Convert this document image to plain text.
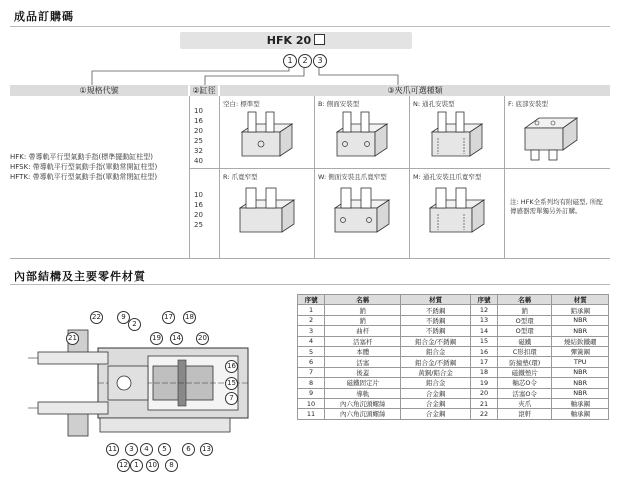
成品訂購碼
HFK 20
1	2	3
①規格代號	②缸徑	③夾爪可選種類
HFK: 帶導軌平行型氣動手指(標準擺動缸柱型)
HFSK: 帶導軌平行型氣動手指(單動常開缸柱型)
HFTK: 帶導軌平行型氣動手指(單動常閉缸柱型)
10
16
20
25
32
40
10
16
20
25
空白: 標準型	B: 側面安裝型	N: 通孔安裝型	F: 底部安裝型
R: 爪寬窄型	W: 側面安裝且爪寬窄型	M: 通孔安裝且爪寬窄型
注: HFK全系列均有附磁型, 所配傳感器需單獨另外訂購。
內部結構及主要零件材質
22	9
2
17 18
21	19 14 20
16
15
7
11	3	4	5	6	13
12 1	10	8
序號	名稱	材質	序號	名稱	材質
1	銷	不銹鋼	12	銷	鋁承鋼
2	銷	不銹鋼	13	O型環	NBR
3	曲杆	不銹鋼	14	O型環	NBR
4	活塞杆	鋁合金/不銹鋼	15	磁鐵	燒結釹鐵硼
5	本體	鋁合金	16	C形扣環	彈簧鋼
6	活塞	鋁合金/不銹鋼	17	防撞墊(環)	TPU
7	後蓋	黃銅/鋁合金	18	磁鐵墊片	NBR
8	磁鐵固定片	鋁合金	19	軸芯O令	NBR
9	導軌	合金鋼	20	活塞O令	NBR
10	內六角沉頭螺絲	合金鋼	21	夾爪	軸承鋼
11	內六角沉頭螺絲	合金鋼	22	滾軒	軸承鋼
